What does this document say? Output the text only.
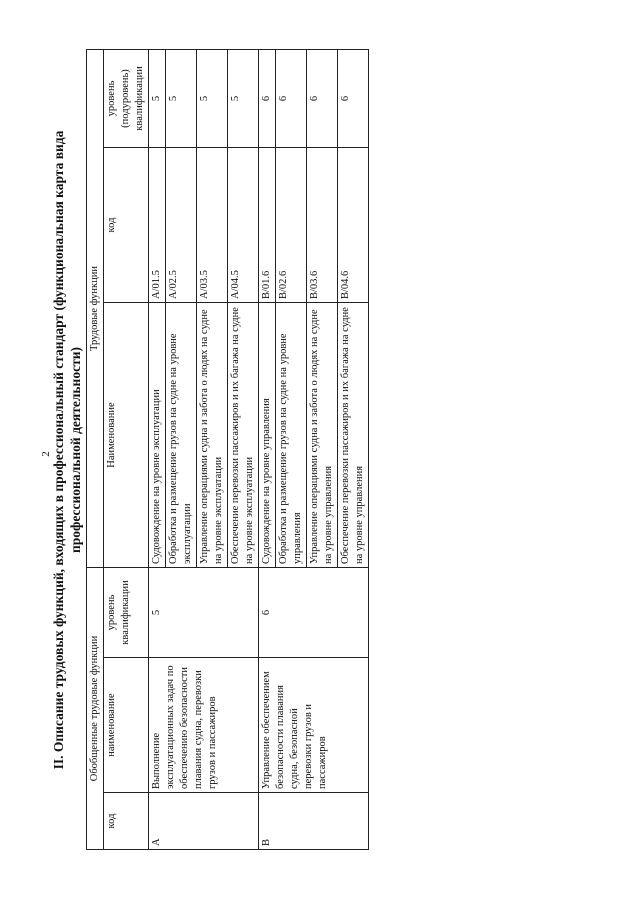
2 II. Описание трудовых функций, входящих в профессиональный стандарт (функциональная карта вида профессиональной деятельности)

Обобщенные трудовые функции			Трудовые функции		
код	наименование	уровень квалификации	Наименование	код	уровень (подуровень) квалификации
А	Выполнение эксплуатационных задач по обеспечению безопасности плавания судна, перевозки грузов и пассажиров	5	Судовождение на уровне эксплуатации	А/01.5	5
			Обработка и размещение грузов на судне на уровне эксплуатации	А/02.5	5
			Управление операциями судна и забота о людях на судне на уровне эксплуатации	А/03.5	5
			Обеспечение перевозки пассажиров и их багажа на судне на уровне эксплуатации	А/04.5	5
В	Управление обеспечением безопасности плавания судна, безопасной перевозки грузов и пассажиров	6	Судовождение на уровне управления	В/01.6	6
			Обработка и размещение грузов на судне на уровне управления	В/02.6	6
			Управление операциями судна и забота о людях на судне на уровне управления	В/03.6	6
			Обеспечение перевозки пассажиров и их багажа на судне на уровне управления	В/04.6	6
